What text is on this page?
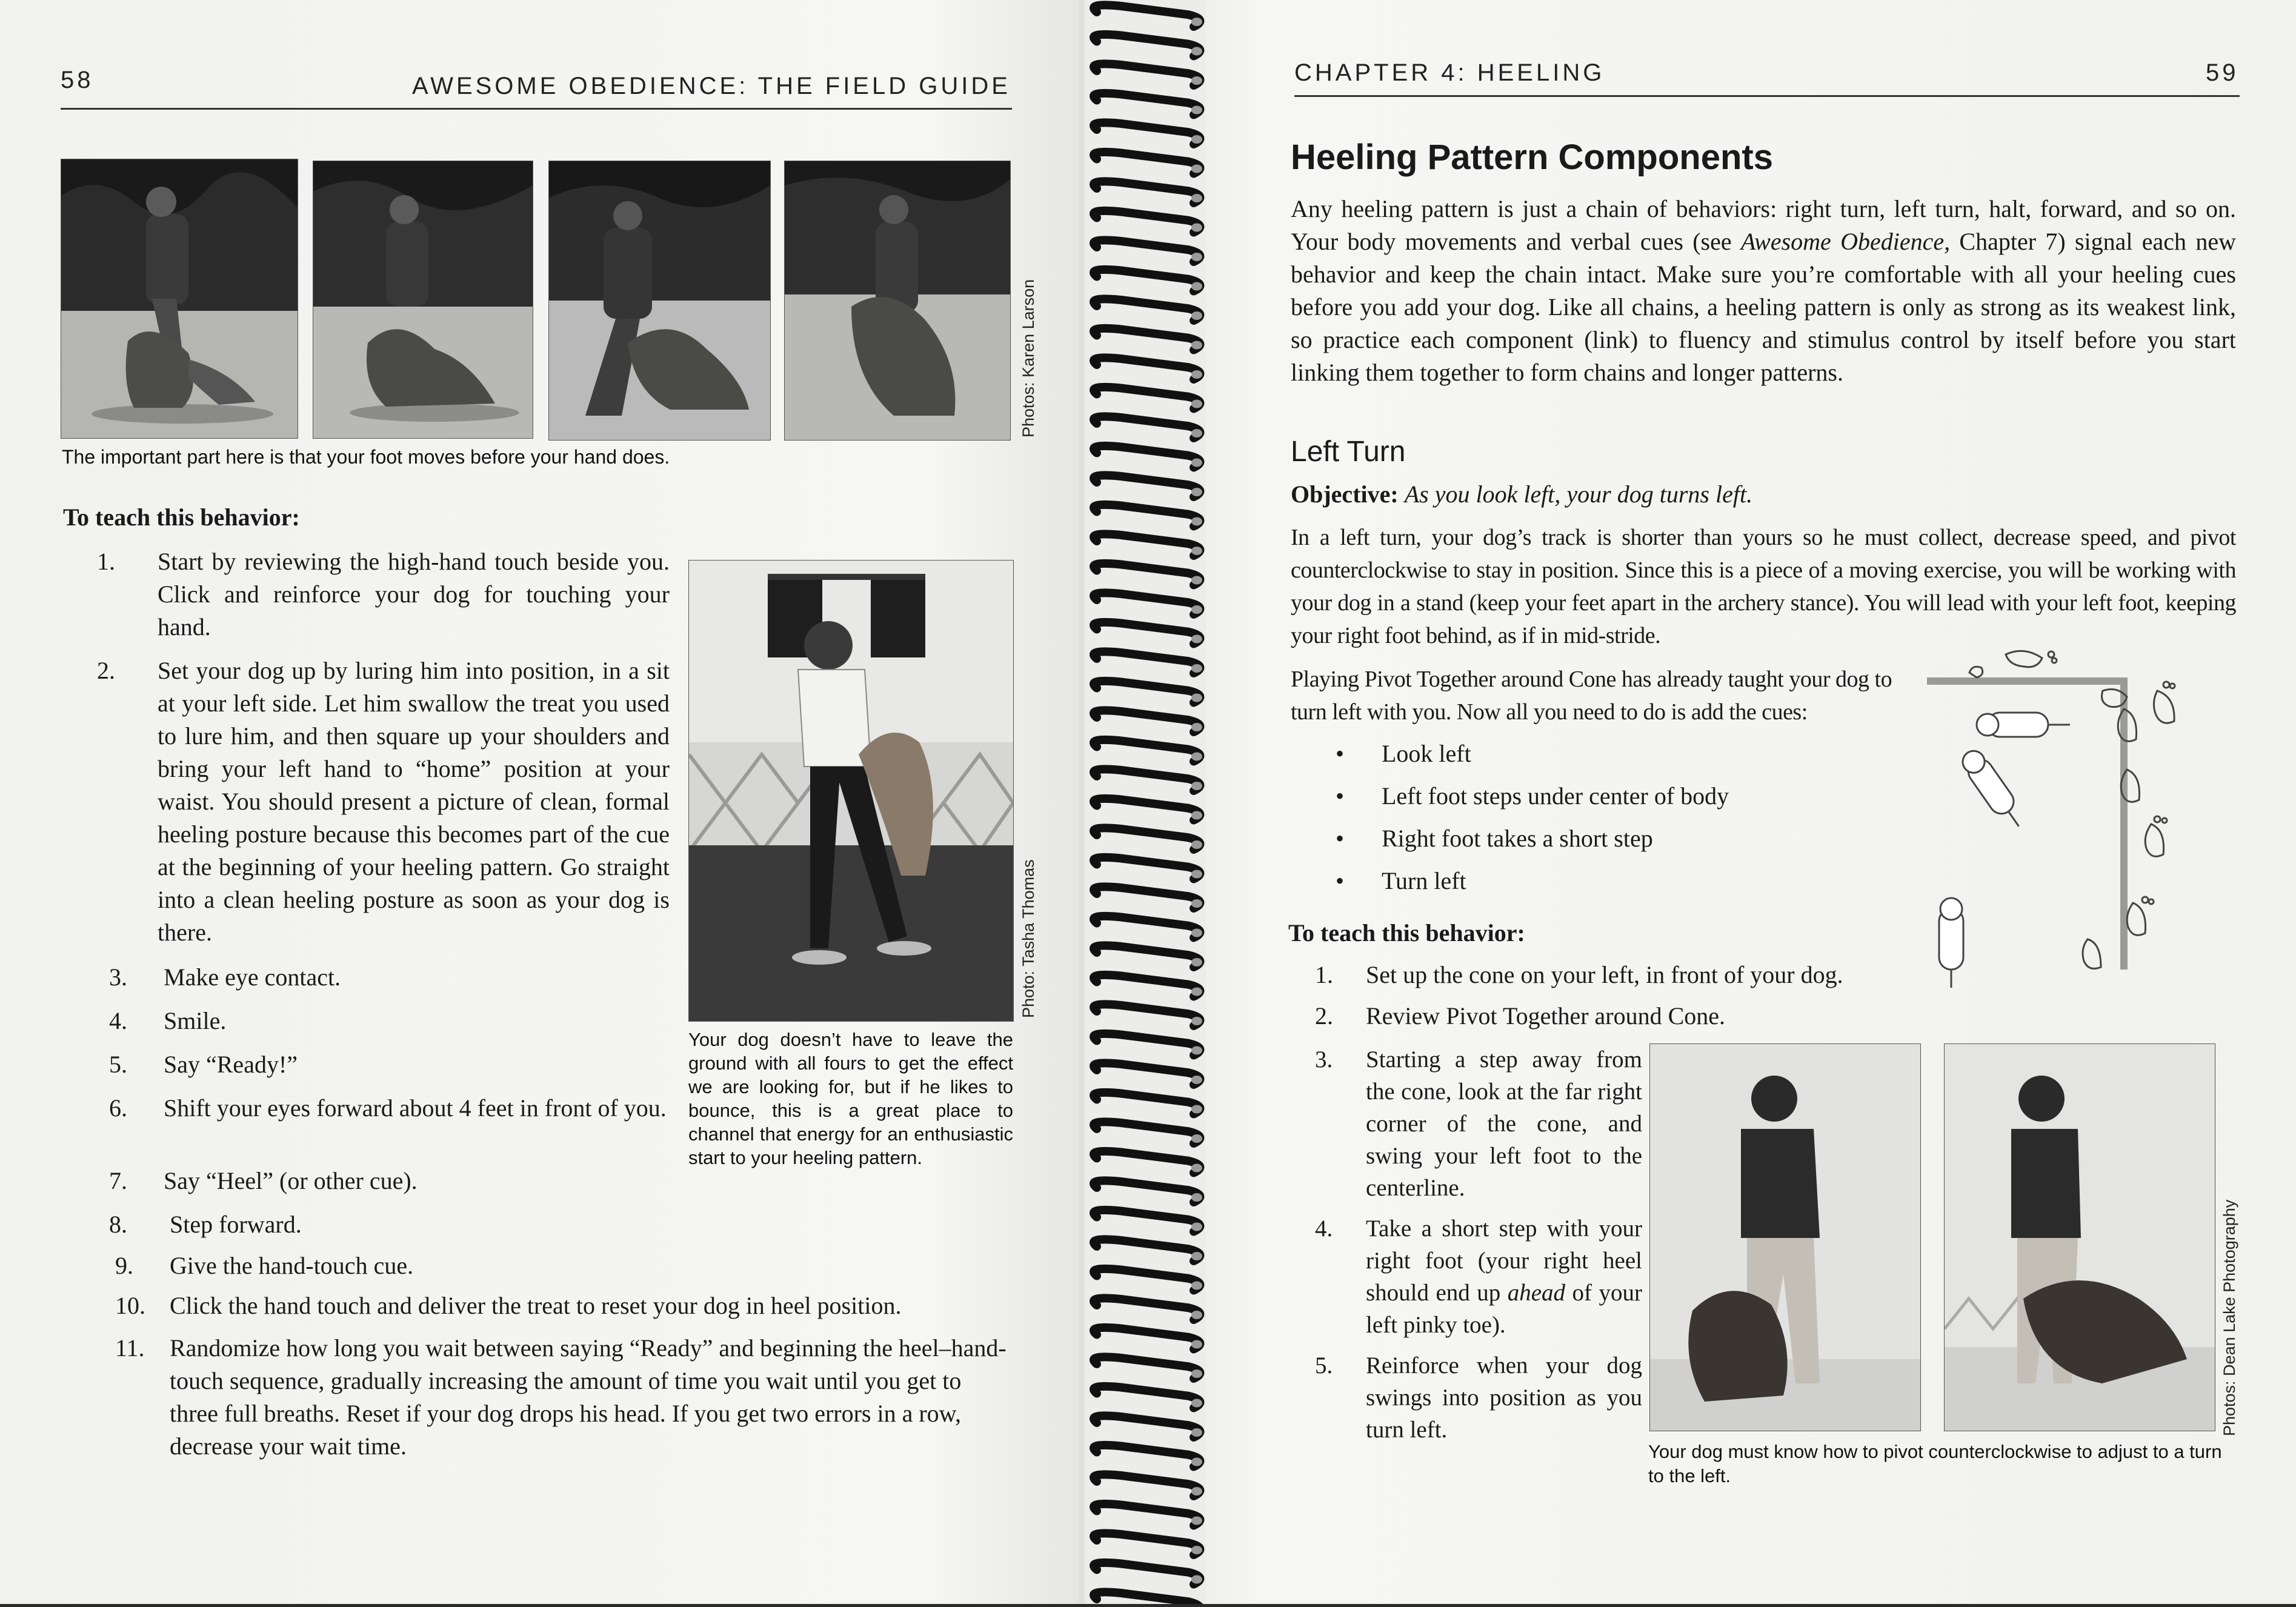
58	AWESOME OBEDIENCE: THE FIELD GUIDE
Photos: Karen Larson
The important part here is that your foot moves before your hand does.
To teach this behavior:
1. Start by reviewing the high-hand touch beside you. Click and reinforce your dog for touching your hand.
2. Set your dog up by luring him into position, in a sit at your left side. Let him swallow the treat you used to lure him, and then square up your shoulders and bring your left hand to “home” position at your waist. You should present a picture of clean, formal heeling posture because this becomes part of the cue at the beginning of your heeling pattern. Go straight into a clean heeling posture as soon as your dog is there.
3. Make eye contact.
4. Smile.
5. Say “Ready!”
6. Shift your eyes forward about 4 feet in front of you.
7. Say “Heel” (or other cue).
8. Step forward.
9. Give the hand-touch cue.
10. Click the hand touch and deliver the treat to reset your dog in heel position.
11. Randomize how long you wait between saying “Ready” and beginning the heel–hand-touch sequence, gradually increasing the amount of time you wait until you get to three full breaths. Reset if your dog drops his head. If you get two errors in a row, decrease your wait time.
Photo: Tasha Thomas
Your dog doesn’t have to leave the ground with all fours to get the effect we are looking for, but if he likes to bounce, this is a great place to channel that energy for an enthusiastic start to your heeling pattern.
CHAPTER 4: HEELING	59
Heeling Pattern Components
Any heeling pattern is just a chain of behaviors: right turn, left turn, halt, forward, and so on. Your body movements and verbal cues (see Awesome Obedience, Chapter 7) signal each new behavior and keep the chain intact. Make sure you’re comfortable with all your heeling cues before you add your dog. Like all chains, a heeling pattern is only as strong as its weakest link, so practice each component (link) to fluency and stimulus control by itself before you start linking them together to form chains and longer patterns.
Left Turn
Objective: As you look left, your dog turns left.
In a left turn, your dog’s track is shorter than yours so he must collect, decrease speed, and pivot counterclockwise to stay in position. Since this is a piece of a moving exercise, you will be working with your dog in a stand (keep your feet apart in the archery stance). You will lead with your left foot, keeping your right foot behind, as if in mid-stride.
Playing Pivot Together around Cone has already taught your dog to turn left with you. Now all you need to do is add the cues:
• Look left
• Left foot steps under center of body
• Right foot takes a short step
• Turn left
To teach this behavior:
1. Set up the cone on your left, in front of your dog.
2. Review Pivot Together around Cone.
3. Starting a step away from the cone, look at the far right corner of the cone, and swing your left foot to the centerline.
4. Take a short step with your right foot (your right heel should end up ahead of your left pinky toe).
5. Reinforce when your dog swings into position as you turn left.	Photos: Dean Lake Photography
Your dog must know how to pivot counterclockwise to adjust to a turn to the left.
